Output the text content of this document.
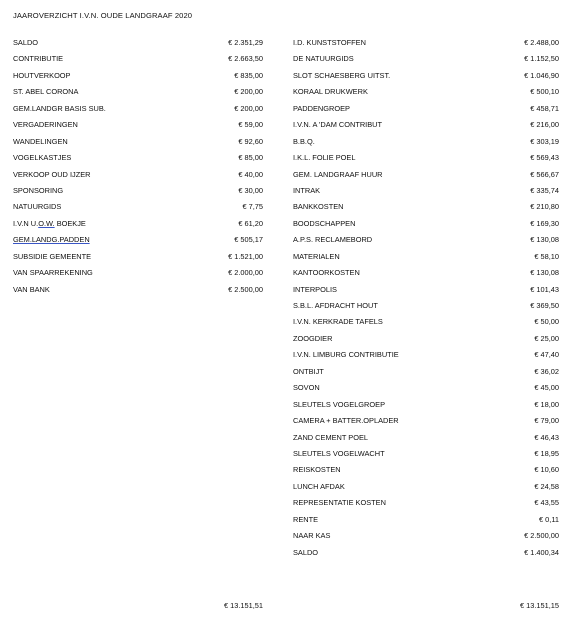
JAAROVERZICHT I.V.N. OUDE LANDGRAAF 2020
SALDO	€ 2.351,29
CONTRIBUTIE	€ 2.663,50
HOUTVERKOOP	€ 835,00
ST. ABEL CORONA	€ 200,00
GEM.LANDGR BASIS SUB.	€ 200,00
VERGADERINGEN	€ 59,00
WANDELINGEN	€ 92,60
VOGELKASTJES	€ 85,00
VERKOOP OUD IJZER	€ 40,00
SPONSORING	€ 30,00
NATUURGIDS	€ 7,75
I.V.N U.O.W. BOEKJE	€ 61,20
GEM.LANDG.PADDEN	€ 505,17
SUBSIDIE GEMEENTE	€ 1.521,00
VAN SPAARREKENING	€ 2.000,00
VAN BANK	€ 2.500,00
I.D. KUNSTSTOFFEN	€ 2.488,00
DE NATUURGIDS	€ 1.152,50
SLOT SCHAESBERG UITST.	€ 1.046,90
KORAAL DRUKWERK	€ 500,10
PADDENGROEP	€ 458,71
I.V.N. A 'DAM CONTRIBUT	€ 216,00
B.B.Q.	€ 303,19
I.K.L. FOLIE POEL	€ 569,43
GEM. LANDGRAAF HUUR	€ 566,67
INTRAK	€ 335,74
BANKKOSTEN	€ 210,80
BOODSCHAPPEN	€ 169,30
A.P.S. RECLAMEBORD	€ 130,08
MATERIALEN	€ 58,10
KANTOORKOSTEN	€ 130,08
INTERPOLIS	€ 101,43
S.B.L. AFDRACHT HOUT	€ 369,50
I.V.N. KERKRADE TAFELS	€ 50,00
ZOOGDIER	€ 25,00
I.V.N. LIMBURG CONTRIBUTIE	€ 47,40
ONTBIJT	€ 36,02
SOVON	€ 45,00
SLEUTELS VOGELGROEP	€ 18,00
CAMERA + BATTER.OPLADER	€ 79,00
ZAND CEMENT POEL	€ 46,43
SLEUTELS VOGELWACHT	€ 18,95
REISKOSTEN	€ 10,60
LUNCH AFDAK	€ 24,58
REPRESENTATIE KOSTEN	€ 43,55
RENTE	€ 0,11
NAAR KAS	€ 2.500,00
SALDO	€ 1.400,34
€ 13.151,51	€ 13.151,15
